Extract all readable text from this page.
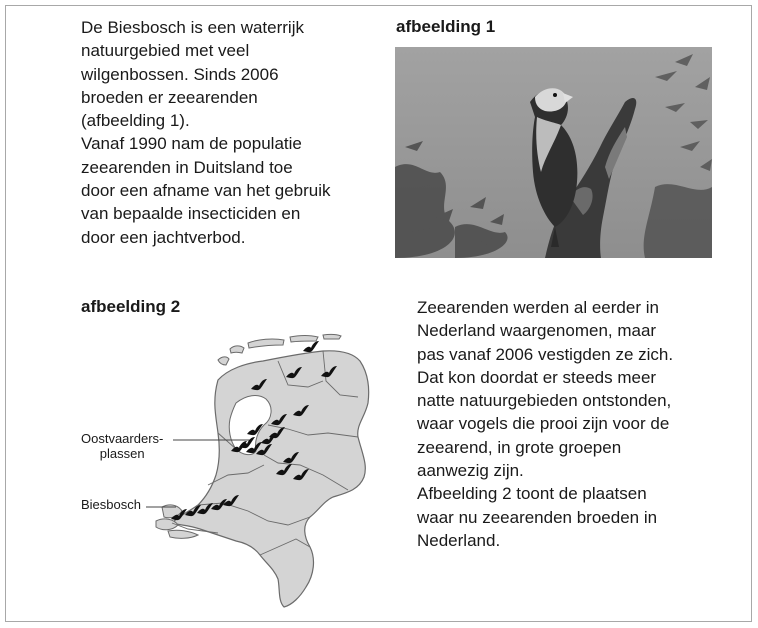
De Biesbosch is een waterrijk
natuurgebied met veel
wilgenbossen. Sinds 2006
broeden er zeearenden
(afbeelding 1).
Vanaf 1990 nam de populatie
zeearenden in Duitsland toe
door een afname van het gebruik
van bepaalde insecticiden en
door een jachtverbod.
afbeelding 1
afbeelding 2
Oostvaarders-
plassen
Biesbosch
Zeearenden werden al eerder in
Nederland waargenomen, maar
pas vanaf 2006 vestigden ze zich.
Dat kon doordat er steeds meer
natte natuurgebieden ontstonden,
waar vogels die prooi zijn voor de
zeearend, in grote groepen
aanwezig zijn.
Afbeelding 2 toont de plaatsen
waar nu zeearenden broeden in
Nederland.
